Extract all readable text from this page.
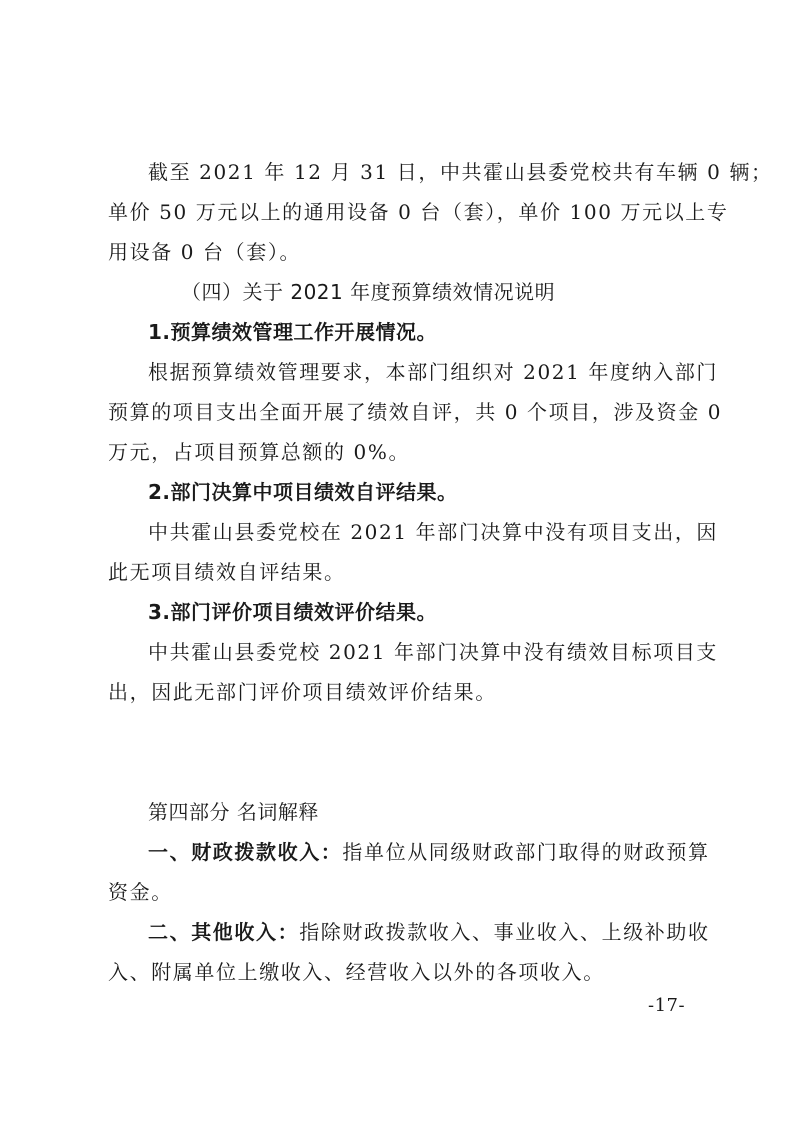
截至 2021 年 12 月 31 日，中共霍山县委党校共有车辆 0 辆；
单价 50 万元以上的通用设备 0 台（套），单价 100 万元以上专
用设备 0 台（套）。
（四）关于 2021 年度预算绩效情况说明
1.预算绩效管理工作开展情况。
根据预算绩效管理要求，本部门组织对 2021 年度纳入部门
预算的项目支出全面开展了绩效自评，共 0 个项目，涉及资金 0
万元，占项目预算总额的 0%。
2.部门决算中项目绩效自评结果。
中共霍山县委党校在 2021 年部门决算中没有项目支出，因
此无项目绩效自评结果。
3.部门评价项目绩效评价结果。
中共霍山县委党校 2021 年部门决算中没有绩效目标项目支
出，因此无部门评价项目绩效评价结果。
第四部分 名词解释
一、财政拨款收入：指单位从同级财政部门取得的财政预算
资金。
二、其他收入：指除财政拨款收入、事业收入、上级补助收
入、附属单位上缴收入、经营收入以外的各项收入。
-17-
